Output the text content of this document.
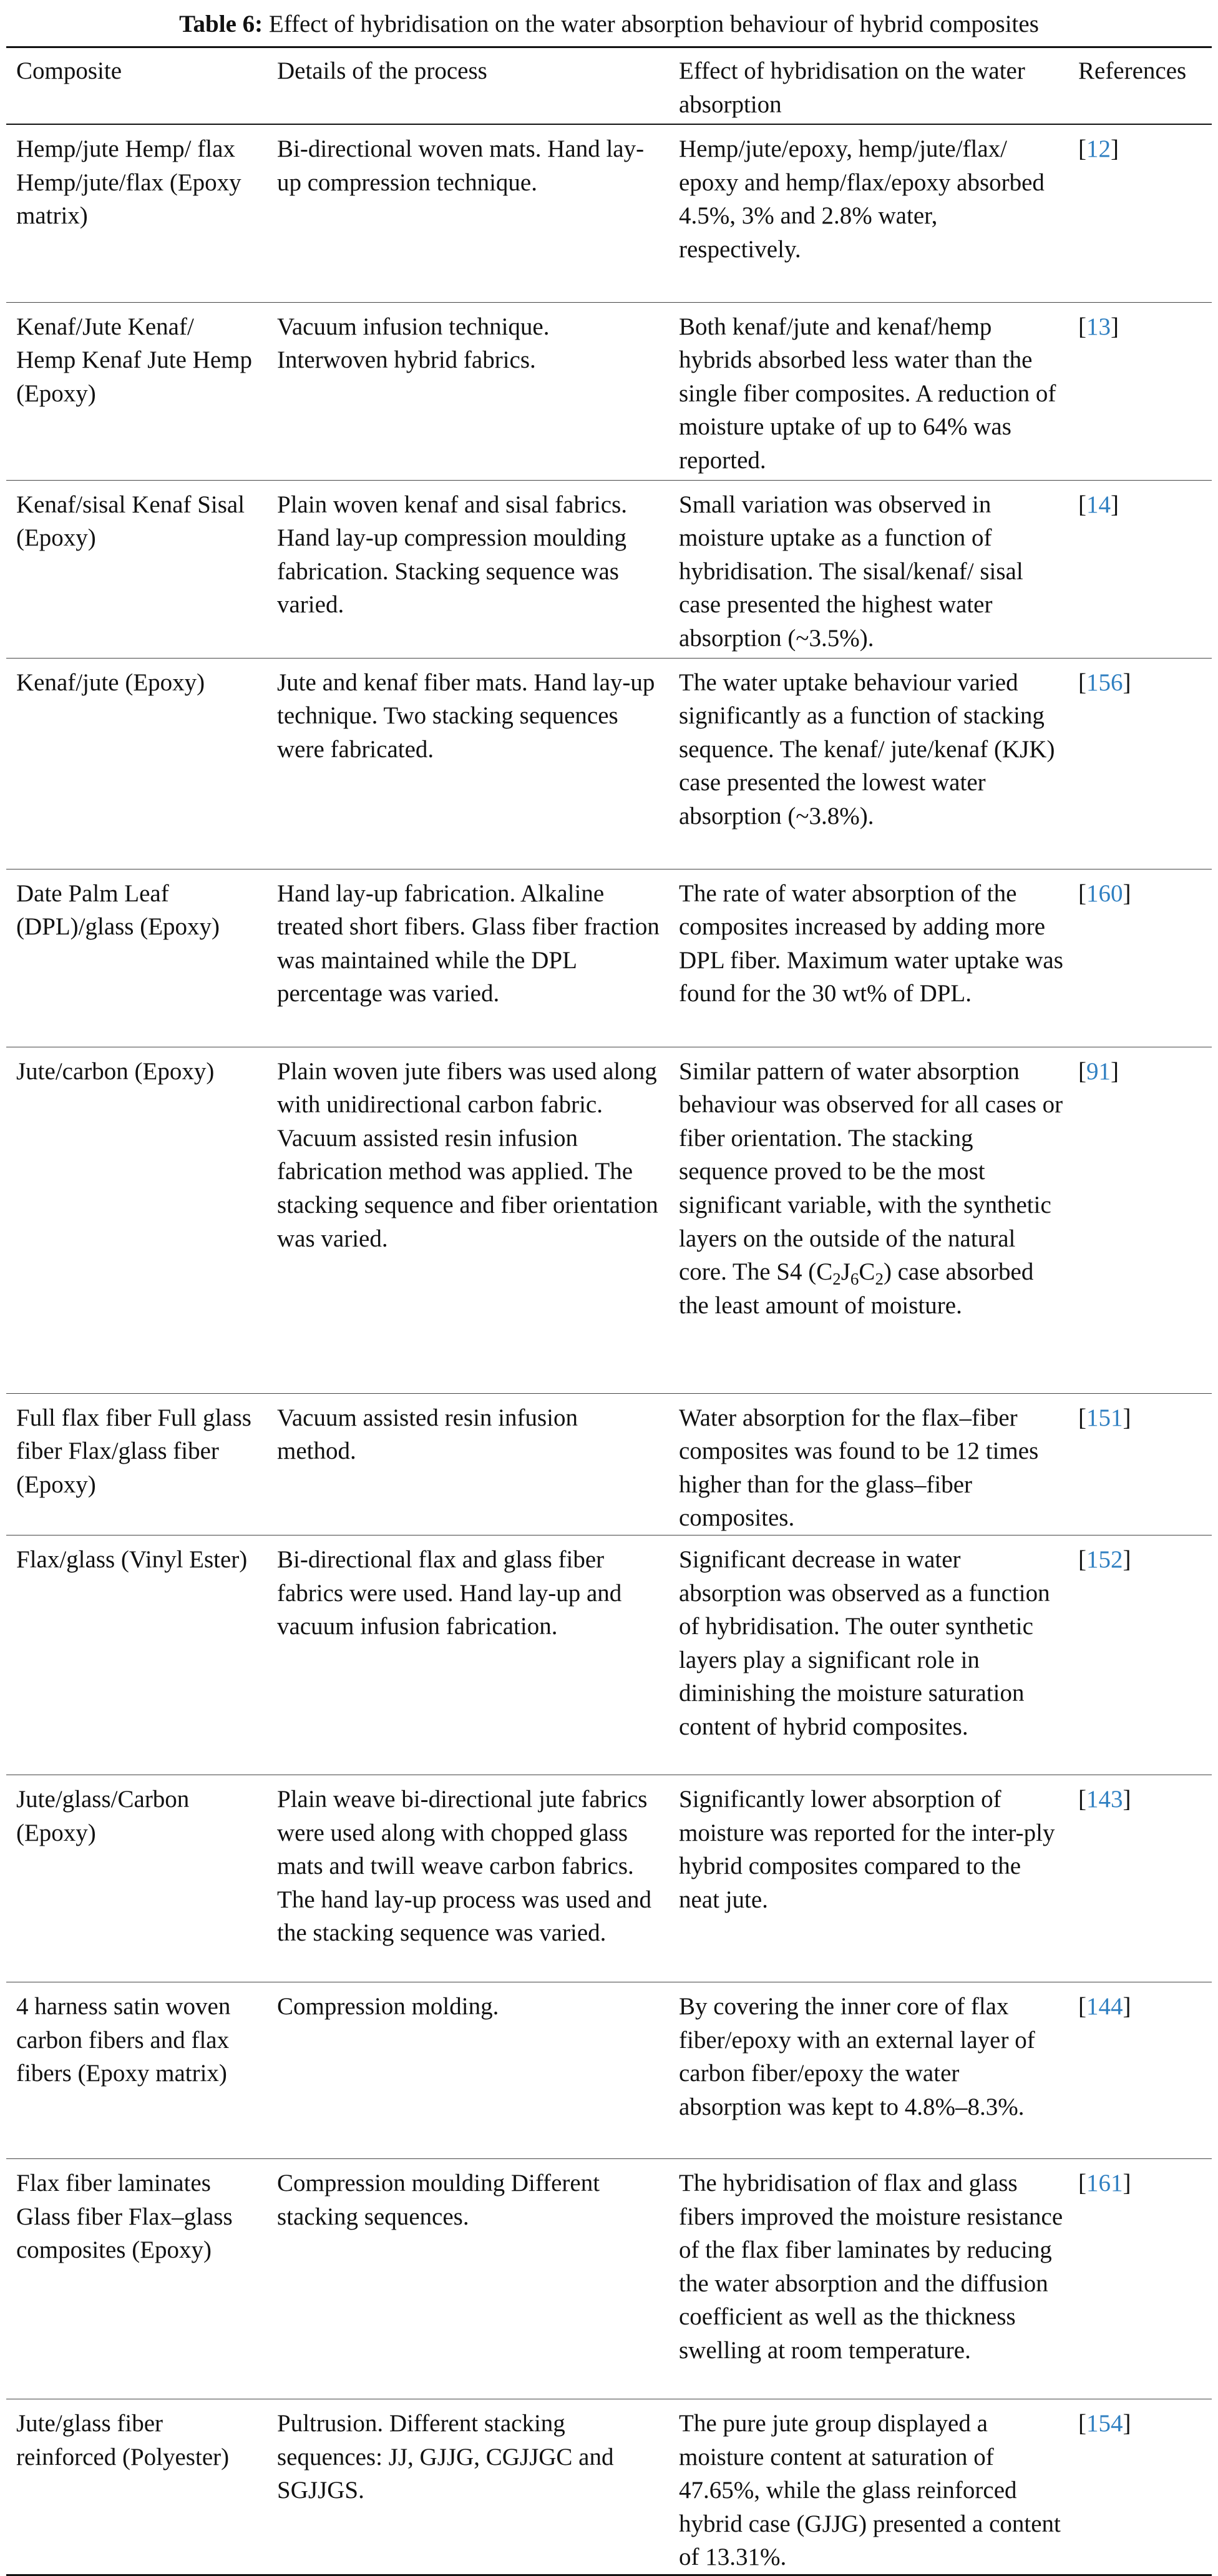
Table 6: Effect of hybridisation on the water absorption behaviour of hybrid composites
Composite	Details of the process	Effect of hybridisation on the water absorption	References
Hemp/jute Hemp/ flax Hemp/jute/flax (Epoxy matrix)	Bi-directional woven mats. Hand lay-up compression technique.	Hemp/jute/epoxy, hemp/jute/flax/ epoxy and hemp/flax/epoxy absorbed 4.5%, 3% and 2.8% water, respectively.	[12]
Kenaf/Jute Kenaf/ Hemp Kenaf Jute Hemp (Epoxy)	Vacuum infusion technique. Interwoven hybrid fabrics.	Both kenaf/jute and kenaf/hemp hybrids absorbed less water than the single fiber composites. A reduction of moisture uptake of up to 64% was reported.	[13]
Kenaf/sisal Kenaf Sisal (Epoxy)	Plain woven kenaf and sisal fabrics. Hand lay-up compression moulding fabrication. Stacking sequence was varied.	Small variation was observed in moisture uptake as a function of hybridisation. The sisal/kenaf/ sisal case presented the highest water absorption (~3.5%).	[14]
Kenaf/jute (Epoxy)	Jute and kenaf fiber mats. Hand lay-up technique. Two stacking sequences were fabricated.	The water uptake behaviour varied significantly as a function of stacking sequence. The kenaf/ jute/kenaf (KJK) case presented the lowest water absorption (~3.8%).	[156]
Date Palm Leaf (DPL)/glass (Epoxy)	Hand lay-up fabrication. Alkaline treated short fibers. Glass fiber fraction was maintained while the DPL percentage was varied.	The rate of water absorption of the composites increased by adding more DPL fiber. Maximum water uptake was found for the 30 wt% of DPL.	[160]
Jute/carbon (Epoxy)	Plain woven jute fibers was used along with unidirectional carbon fabric. Vacuum assisted resin infusion fabrication method was applied. The stacking sequence and fiber orientation was varied.	Similar pattern of water absorption behaviour was observed for all cases or fiber orientation. The stacking sequence proved to be the most significant variable, with the synthetic layers on the outside of the natural core. The S4 $(C_2J_6C_2)$ case absorbed the least amount of moisture.	[91]
Full flax fiber Full glass fiber Flax/glass fiber (Epoxy)	Vacuum assisted resin infusion method.	Water absorption for the flax–fiber composites was found to be 12 times higher than for the glass–fiber composites.	[151]
Flax/glass (Vinyl Ester)	Bi-directional flax and glass fiber fabrics were used. Hand lay-up and vacuum infusion fabrication.	Significant decrease in water absorption was observed as a function of hybridisation. The outer synthetic layers play a significant role in diminishing the moisture saturation content of hybrid composites.	[152]
Jute/glass/Carbon (Epoxy)	Plain weave bi-directional jute fabrics were used along with chopped glass mats and twill weave carbon fabrics. The hand lay-up process was used and the stacking sequence was varied.	Significantly lower absorption of moisture was reported for the inter-ply hybrid composites compared to the neat jute.	[143]
4 harness satin woven carbon fibers and flax fibers (Epoxy matrix)	Compression molding.	By covering the inner core of flax fiber/epoxy with an external layer of carbon fiber/epoxy the water absorption was kept to 4.8%–8.3%.	[144]
Flax fiber laminates Glass fiber Flax–glass composites (Epoxy)	Compression moulding Different stacking sequences.	The hybridisation of flax and glass fibers improved the moisture resistance of the flax fiber laminates by reducing the water absorption and the diffusion coefficient as well as the thickness swelling at room temperature.	[161]
Jute/glass fiber reinforced (Polyester)	Pultrusion. Different stacking sequences: JJ, GJJG, CGJJGC and SGJJGS.	The pure jute group displayed a moisture content at saturation of 47.65%, while the glass reinforced hybrid case (GJJG) presented a content of 13.31%.	[154]
